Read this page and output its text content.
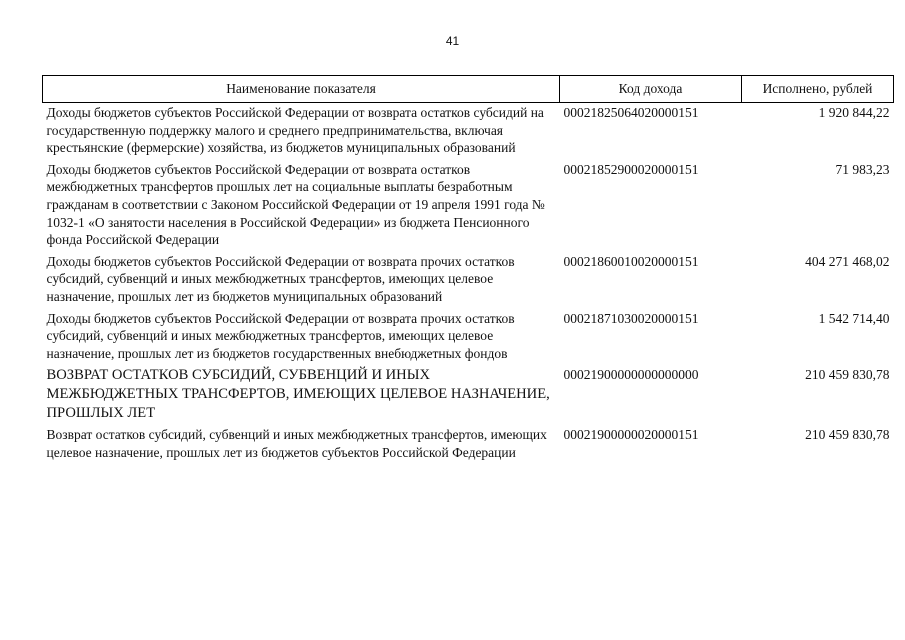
41
Наименование показателя	Код дохода	Исполнено, рублей
Доходы бюджетов субъектов Российской Федерации от возврата остатков субсидий на государственную поддержку малого и среднего предпринимательства, включая крестьянские (фермерские) хозяйства, из бюджетов муниципальных образований	00021825064020000151	1 920 844,22
Доходы бюджетов субъектов Российской Федерации от возврата остатков межбюджетных трансфертов прошлых лет на социальные выплаты безработным гражданам в соответствии с Законом Российской Федерации от 19 апреля 1991 года № 1032-1 «О занятости населения в Российской Федерации» из бюджета Пенсионного фонда Российской Федерации	00021852900020000151	71 983,23
Доходы бюджетов субъектов Российской Федерации от возврата прочих остатков субсидий, субвенций и иных межбюджетных трансфертов, имеющих целевое назначение, прошлых лет из бюджетов муниципальных образований	00021860010020000151	404 271 468,02
Доходы бюджетов субъектов Российской Федерации от возврата прочих остатков субсидий, субвенций и иных межбюджетных трансфертов, имеющих целевое назначение, прошлых лет из бюджетов государственных внебюджетных фондов	00021871030020000151	1 542 714,40
ВОЗВРАТ ОСТАТКОВ СУБСИДИЙ, СУБВЕНЦИЙ И ИНЫХ МЕЖБЮДЖЕТНЫХ ТРАНСФЕРТОВ, ИМЕЮЩИХ ЦЕЛЕВОЕ НАЗНАЧЕНИЕ, ПРОШЛЫХ ЛЕТ	00021900000000000000	210 459 830,78
Возврат остатков субсидий, субвенций и иных межбюджетных трансфертов, имеющих целевое назначение, прошлых лет из бюджетов субъектов Российской Федерации	00021900000020000151	210 459 830,78
